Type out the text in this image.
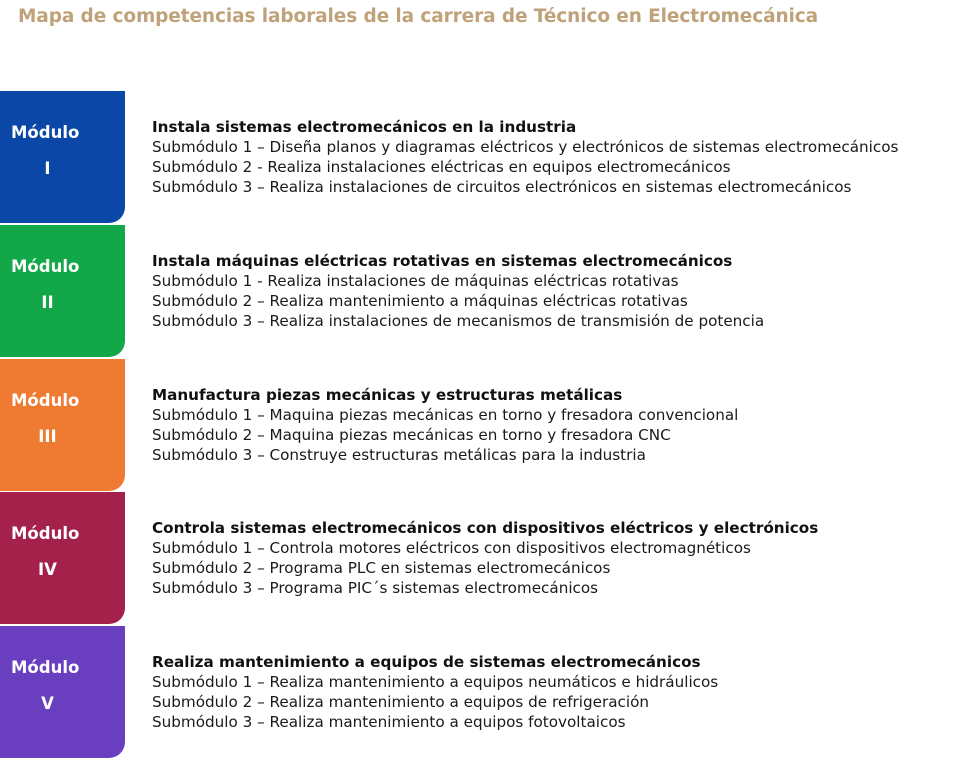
Mapa de competencias laborales de la carrera de Técnico en Electromecánica
Módulo
I
Instala sistemas electromecánicos en la industria
Submódulo 1 – Diseña planos y diagramas eléctricos y electrónicos de sistemas electromecánicos
Submódulo 2 - Realiza instalaciones eléctricas en equipos electromecánicos
Submódulo 3 – Realiza instalaciones de circuitos electrónicos en sistemas electromecánicos
Módulo
II
Instala máquinas eléctricas rotativas en sistemas electromecánicos
Submódulo 1 - Realiza instalaciones de máquinas eléctricas rotativas
Submódulo 2 – Realiza mantenimiento a máquinas eléctricas rotativas
Submódulo 3 – Realiza instalaciones de mecanismos de transmisión de potencia
Módulo
III
Manufactura piezas mecánicas y estructuras metálicas
Submódulo 1 – Maquina piezas mecánicas en torno y fresadora convencional
Submódulo 2 – Maquina piezas mecánicas en torno y fresadora CNC
Submódulo 3 – Construye estructuras metálicas para la industria
Módulo
IV
Controla sistemas electromecánicos con dispositivos eléctricos y electrónicos
Submódulo 1 – Controla motores eléctricos con dispositivos electromagnéticos
Submódulo 2 – Programa PLC en sistemas electromecánicos
Submódulo 3 – Programa PIC´s sistemas electromecánicos
Módulo
V
Realiza mantenimiento a equipos de sistemas electromecánicos
Submódulo 1 – Realiza mantenimiento a equipos neumáticos e hidráulicos
Submódulo 2 – Realiza mantenimiento a equipos de refrigeración
Submódulo 3 – Realiza mantenimiento a equipos fotovoltaicos
